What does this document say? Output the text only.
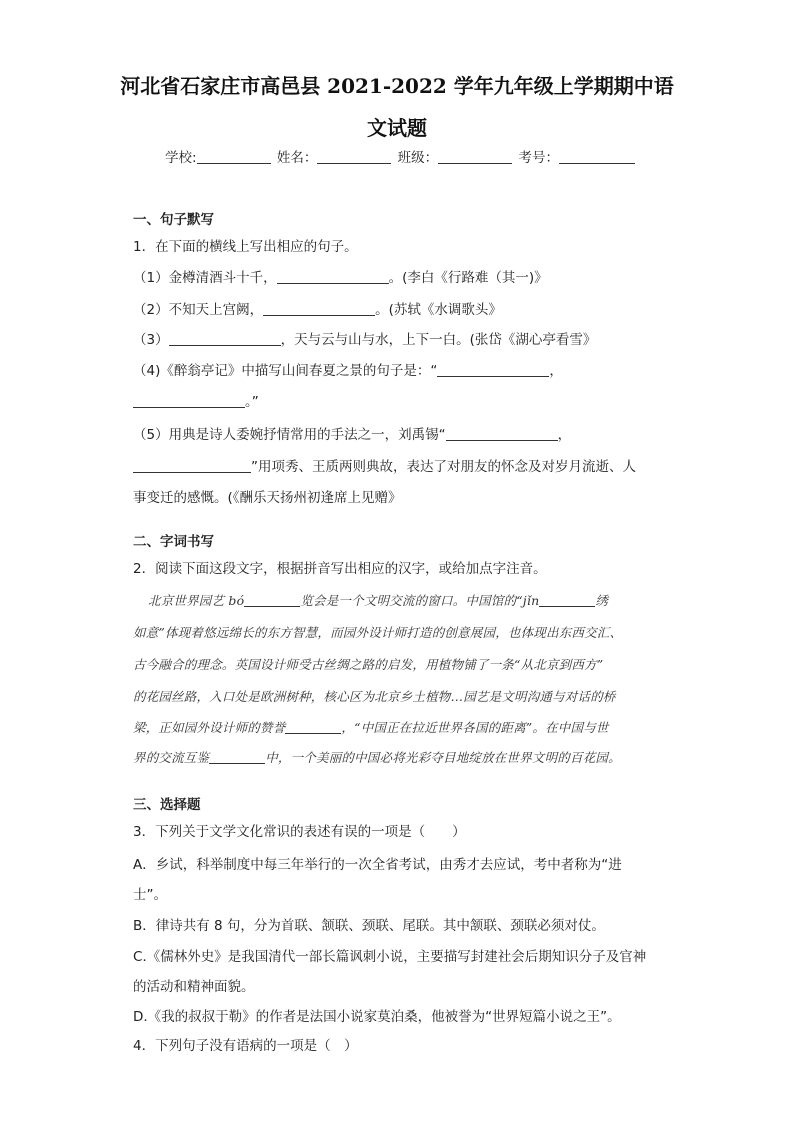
河北省石家庄市高邑县 2021-2022 学年九年级上学期期中语
文试题
学校:	姓名：	班级：	考号：
一、句子默写
1．在下面的横线上写出相应的句子。
（1）金樽清酒斗十千，	。(李白《行路难（其一)》
（2）不知天上宫阙，	。(苏轼《水调歌头》
（3）	，天与云与山与水，上下一白。(张岱《湖心亭看雪》
（4)《醉翁亭记》中描写山间春夏之景的句子是：“	，
。”
（5）用典是诗人委婉抒情常用的手法之一，刘禹锡“	，
”用项秀、王质两则典故，表达了对朋友的怀念及对岁月流逝、人
事变迁的感慨。(《酬乐天扬州初逢席上见赠》
二、字词书写
2．阅读下面这段文字，根据拼音写出相应的汉字，或给加点字注音。
北京世界园艺 bó	览会是一个文明交流的窗口。中国馆的“jǐn	绣
如意”体现着悠远绵长的东方智慧，而园外设计师打造的创意展园，也体现出东西交汇、
古今融合的理念。英国设计师受古丝绸之路的启发，用植物铺了一条“从北京到西方”
的花园丝路，入口处是欧洲树种，核心区为北京乡土植物…园艺是文明沟通与对话的桥
梁，正如园外设计师的赞誉	，“中国正在拉近世界各国的距离”。在中国与世
界的交流互鉴	中，一个美丽的中国必将光彩夺目地绽放在世界文明的百花园。
三、选择题
3．下列关于文学文化常识的表述有误的一项是（　　）
A．乡试，科举制度中每三年举行的一次全省考试，由秀才去应试，考中者称为“进
士”。
B．律诗共有 8 句，分为首联、颔联、颈联、尾联。其中颔联、颈联必须对仗。
C.《儒林外史》是我国清代一部长篇讽刺小说，主要描写封建社会后期知识分子及官神
的活动和精神面貌。
D.《我的叔叔于勒》的作者是法国小说家莫泊桑，他被誉为“世界短篇小说之王”。
4．下列句子没有语病的一项是（　）
